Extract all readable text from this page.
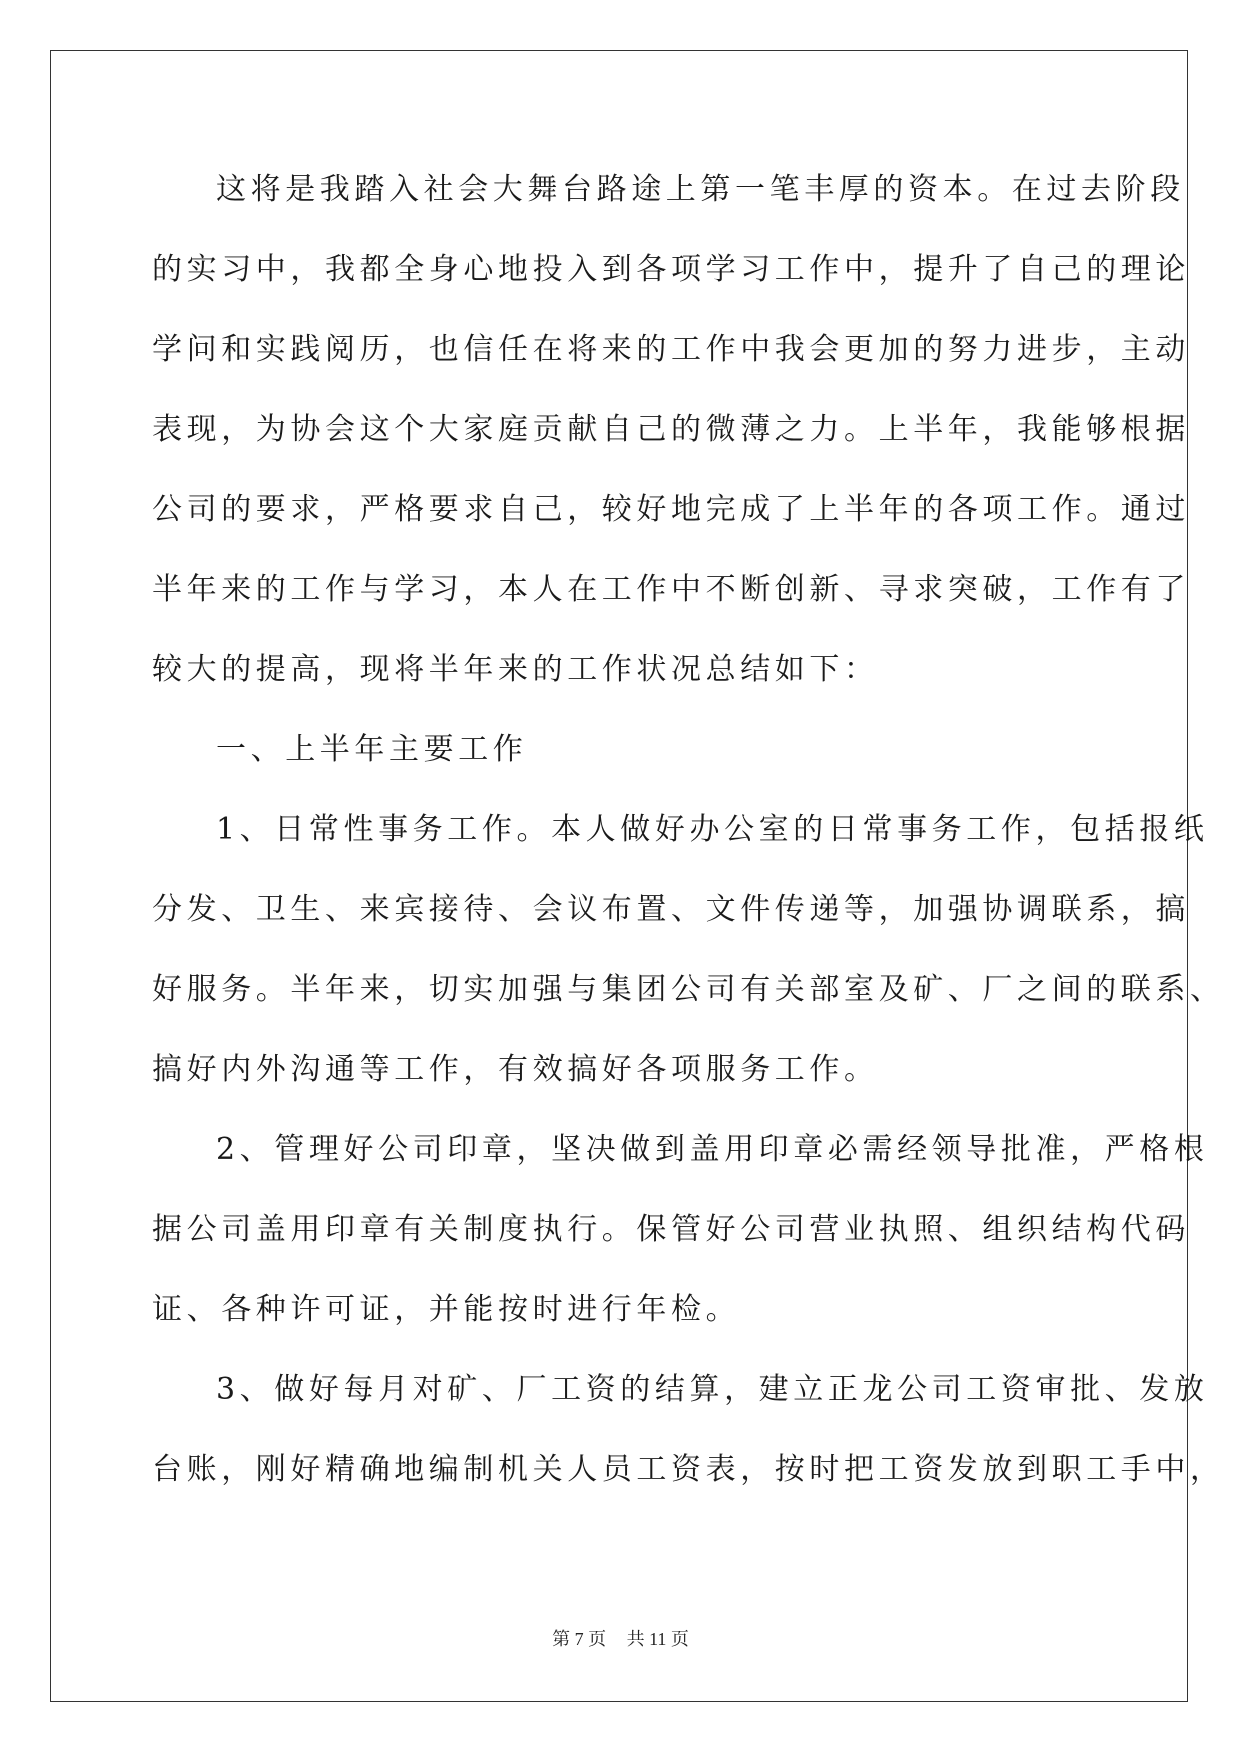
这将是我踏入社会大舞台路途上第一笔丰厚的资本。在过去阶段
的实习中，我都全身心地投入到各项学习工作中，提升了自己的理论
学问和实践阅历，也信任在将来的工作中我会更加的努力进步，主动
表现，为协会这个大家庭贡献自己的微薄之力。上半年，我能够根据
公司的要求，严格要求自己，较好地完成了上半年的各项工作。通过
半年来的工作与学习，本人在工作中不断创新、寻求突破，工作有了
较大的提高，现将半年来的工作状况总结如下：
一、上半年主要工作
1、日常性事务工作。本人做好办公室的日常事务工作，包括报纸
分发、卫生、来宾接待、会议布置、文件传递等，加强协调联系，搞
好服务。半年来，切实加强与集团公司有关部室及矿、厂之间的联系、
搞好内外沟通等工作，有效搞好各项服务工作。
2、管理好公司印章，坚决做到盖用印章必需经领导批准，严格根
据公司盖用印章有关制度执行。保管好公司营业执照、组织结构代码
证、各种许可证，并能按时进行年检。
3、做好每月对矿、厂工资的结算，建立正龙公司工资审批、发放
台账，刚好精确地编制机关人员工资表，按时把工资发放到职工手中，
第 7 页 共 11 页
